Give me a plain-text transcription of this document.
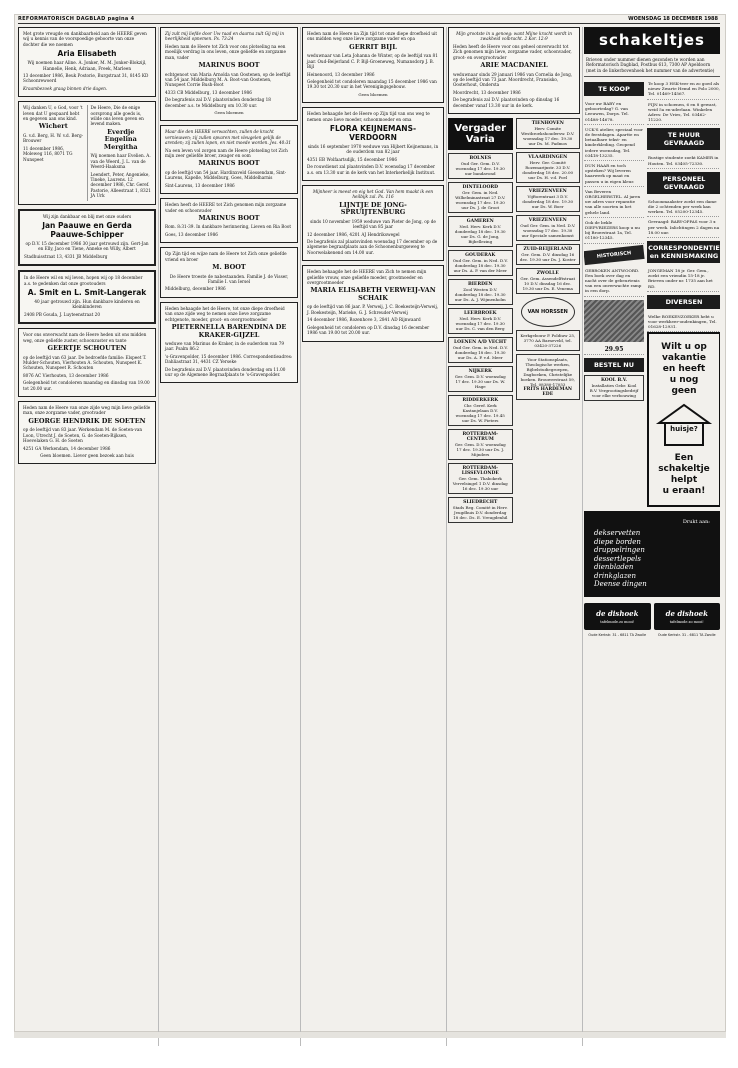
REFORMATORISCH DAGBLAD pagina 4	WOENSDAG 18 DECEMBER 1988

Met grote vreugde en dankbaarheid aan de HEERE geven wij u kennis van de voorspoedige geboorte van onze dochter die we noemen

Aria Elisabeth

Wij noemen haar Aline. A. Jonker, M. M. Jonker-Blokzijl, Hannelie, Henk, Adriaan, Freek, Marleen

13 december 1986, Beuk Postorie, Burgstraat 31, 8145 KD Schoonrewoerd

Kraambezoek graag binnen drie dagen.

Wij danken U, o God, voor 't leven dat U gespaard hebt en gegeven aan ons kind.

Wichert

G. v.d. Berg, H. W. v.d. Berg-Brouwer

11 december 1986, Moleweg 116, 8071 TG Nunspeet

De Heere, Die de enige oorsprong alle goeds is, wilde ons leven geven en levend maken.

Everdje Engelina Mergitha

Wij noemen haar Evelien. A. van de Weerd, J. L. van de Weerd-Haaksma

Leendert, Peter, Angenieke, Tineke, Laurens. 12 december 1986, Chr. Geref. Pastorie, Alleestraat 1, 8321 JA Urk

Wij zijn dankbaar en blij met onze ouders

Jan Paauwe en Gerda Paauwe-Schipper

op D.V. 15 december 1986 30 jaar getrouwd zijn. Gert-Jan en Elly, Jaco en Tiene, Anneke en Willy, Albert

Stadhuisstraat 13, 4331 JB Middelburg

In de Heere wil en wij leven, hopen wij op 18 december a.s. te gedenken dat onze grootouders

A. Smit en L. Smit-Langerak

40 jaar getrouwd zijn. Hun dankbare kinderen en kleinkinderen

2408 PB Gouda, J. Luyteenstraat 20

Voor ons onverwacht nam de Heere heden uit ons midden weg, onze geliefde zuster, schoonzuster en tante

GEERTJE SCHOUTEN

op de leeftijd van 63 jaar. De bedroefde familie: Elspeet T. Mulder-Schouten, Vierhouten A. Schouten, Nunspeet K. Schouten, Nunspeet R. Schouten

8076 AC Vierhouten, 13 december 1986

Gelegenheid tot condoleren maandag en dinsdag van 19.00 tot 20.00 uur.

Heden nam de Heere van onze zijde weg mijn lieve geliefde man, onze zorgzame vader, grootvader

GEORGE HENDRIK DE SOETEN

op de leeftijd van 83 jaar. Werkendam M. de Soeten-van Loon, Utrecht J. de Soeten, G. de Soeten-Rijksen, Hoevelaken G. H. de Soeten

4251 GA Werkendam, 14 december 1986

Geen bloemen. Liever geen bezoek aan huis

Zij zult mij liefde door Uw raad en daarna zult Gij mij in heerlijkheid opnemen. Ps. 73:24

Heden nam de Heere tot Zich voor ons plotseling na een moeilijk verdrag in ons leven, onze geliefde en zorgzame man, vader

MARINUS BOOT

echtgenoot van Maria Arnolda van Oostenen, op de leeftijd van 54 jaar. Middelburg M. A. Boot-van Oostenen, Nunspeet Corrie Bush-Boot

4333 CB Middelburg, 13 december 1986

De begrafenis zal D.V. plaatsvinden donderdag 18 december a.s. te Middelburg om 10.30 uur.

Geen bloemen

Maar die den HEERE verwachten, zullen de kracht vernieuwen; zij zullen opvaren met vleugelen gelijk de arenden; zij zullen lopen, en niet moede worden. Jes. 40:31

Na een leven vol zorgen nam de Heere plotseling tot Zich mijn zeer geliefde broer, zwager en oom

MARINUS BOOT

op de leeftijd van 54 jaar. Hardinxveld Giessendam, Sint-Laurens, Kapelle, Middelburg, Goes, Middelharnis

Sint-Laurens, 13 december 1986

Heden heeft de HEERE tot Zich genomen mijn zorgzame vader en schoonvader

MARINUS BOOT

Rom. 8:31-39. In dankbare herinnering, Lieven en Ria Boot

Goes, 13 december 1986

Op Zijn tijd en wijze nam de Heere tot Zich onze geliefde vriend en broer

M. BOOT

De Heere troeste de nabestaanden. Familie J. de Visser, Familie I. van Iersel

Middelburg, december 1986

Heden behaagde het de Heere, tot onze diepe droefheid van onze zijde weg te nemen onze lieve zorgzame echtgenote, moeder, groot- en overgrootmoeder

PIETERNELLA BARENDINA DE KRAKER-GIJZEL

weduwe van Marinus de Kraker, in de ouderdom van 79 jaar. Psalm 86:2

's-Gravenpolder, 15 december 1986. Correspondentieadres: Dahliastraat 31, 4431 CZ Yerseke

De begrafenis zal D.V. plaatsvinden donderdag om 11.00 uur op de Algemene Begraafplaats te 's-Gravenpolder.

Heden nam de Heere na Zijn tijd tot onze diepe droefheid uit ons midden weg onze lieve zorgzame vader en opa

GERRIT BIJL

weduwnaar van Leta Johanna de Winter, op de leeftijd van 81 jaar. Oud-Beijerland C. P. Bijl-Groeneweg, Numansdorp J. B. Bijl

Heinenoord, 13 december 1986

Gelegenheid tot condoleren maandag 15 december 1986 van 19.30 tot 20.30 uur in het Verenigingsgebouw.

Geen bloemen

Heden behaagde het de Heere op Zijn tijd van ons weg te nemen onze lieve moeder, schoonmoeder en oma

FLORA KEIJNEMANS-VERDOORN

sinds 16 september 1970 weduwe van Hijbert Keijnemans, in de ouderdom van 82 jaar

4351 EB Wolfaartsdijk, 15 december 1986

De rouwdienst zal plaatsvinden D.V. woensdag 17 december a.s. om 13.30 uur in de kerk van het Interkerkelijk Instituut.

Mijnheer is meest en eig het God. Van hem maakt ik een heilbijk zal. Ps. 116

LIJNTJE DE JONG-SPRUIJTENBURG

sinds 10 november 1959 weduwe van Pieter de Jong, op de leeftijd van 85 jaar

12 december 1986, 4201 AJ Hendrikswegel

De begrafenis zal plaatsvinden woensdag 17 december op de algemene begraafplaats aan de Schoonenburgseweg te Noorwelakenend om 14.00 uur.

Heden behaagde het de HEERE van Zich te nemen mijn geliefde vrouw, onze geliefde moeder, grootmoeder en overgrootmoeder

MARIA ELISABETH VERWEIJ-VAN SCHAIK

op de leeftijd van 86 jaar. P. Verweij, J. C. Boekesteijn-Verweij, J. Boekesteijn, Marieke, G. J. Schreuder-Verweij

14 december 1986, Rozenhove 3, 2841 AD Rijnwaard

Gelegenheid tot condoleren op D.V. dinsdag 16 december 1986 van 19.00 tot 20.00 uur.

Mijn grootste in u genoeg: want Mijne kracht wordt in zwakheid volbracht. 2 Kor. 12:9

Heden heeft de Heere voor ons geheel onverwacht tot Zich genomen mijn lieve, zorgzame vader, schoonvader, groot- en overgrootvader

ARIE MACDANIEL

weduwnaar sinds 29 januari 1986 van Cornelia de Jong, op de leeftijd van 73 jaar. Moordrecht, Fransisko, Oosterhout, Ondersta

Moordrecht, 13 december 1986

De begrafenis zal D.V. plaatsvinden op dinsdag 16 december vanaf 13.30 uur in de kerk.

Vergader Varia
BOLNES
Oud Ger. Gem. D.V. woensdag 17 dec. 19.30 uur bandavond
DINTELOORD
Ger. Gem. in Ned. Wilhelminastraat 27 D.V. woensdag 17 dec. 19.30 uur Ds. J. de Groot
GAMEREN
Ned. Herv. Kerk D.V. donderdag 18 dec. 19.30 uur Ds. G. de Jong, Bijbellezing
GOUDERAK
Oud Ger. Gem. in Ned. D.V. donderdag 18 dec. 19.30 uur Ds. A. P. van der Meer
BIERDEN
Zool Westen D.V. donderdag 18 dec. 19.30 uur Ds. A. J. Wijmenholm
LEERBROEK
Ned. Herv. Kerk D.V. woensdag 17 dec. 19.30 uur Ds. C. van den Berg
LOENEN A/D VECHT
Oud Ger. Gem. in Ned. D.V. donderdag 18 dec. 19.30 uur Ds. A. P. v.d. Meer
NIJKERK
Ger. Gem. D.V. woensdag 17 dec. 19.30 uur Ds. W. Hage
RIDDERKERK
Chr. Geref. Kerk Kastanjelaan D.V. woensdag 17 dec. 19.45 uur Ds. W. Pieters
ROTTERDAM-CENTRUM
Ger. Gem. D.V. woensdag 17 dec. 19.30 uur Ds. J. Mijnders
ROTTERDAM-LISSEVLONDE
Ger. Gem. Thabokerk Vervelsingel 1 D.V. dinsdag 16 dec. 19.30 uur
SLIEDRECHT
Stads Reg. Comité in Herv. Jeugdhuis D.V. donderdag 18 dec. Ds. E. Vreugdenhil
TIENHOVEN
Herv. Comite Westbroekshoudersw. D.V. woensdag 17 dec. 19.30 uur Ds. M. Padmos
VLAARDINGEN
Herv. Ger. Comité Rozemarijnstr. 33 D.V. donderdag 18 dec. 20.00 uur Ds. H. v.d. Poel
VRIEZENVEEN
Vijftorentraat 3 D.V. donderdag 18 dec. 19.30 uur Ds. W. Boer
VRIEZENVEEN
Oud Ger. Gem. in Ned. D.V. woensdag 17 dec. 19.30 uur Speciale samenkomst
ZUID-BEIJERLAND
Ger. Gem. D.V. dinsdag 16 dec. 19.30 uur Ds. J. Koster
ZWOLLE
Ger. Gem. Assendelftstraat 10 D.V. dinsdag 16 dec. 19.30 uur Ds. E. Venema
VAN HORSSEN
Kerkgebouw P. Poldiuw 25, 3770 AA Barneveld, tel. 03420-37226
Voor Stationsplaats, Theologische werken, Bijbelstudiegroepen, Dagboeken, Christelijke boeken. Brouwerstraat 59, Tel. 08380-17053
FRITS HARDEMAN EDE
schakeltjes
Brieven onder nummer dienen gezonden te worden aan Reformatorisch Dagblad, Postbus 613, 7300 AP Apeldoorn (met in de linkerbovenhoek het nummer van de advertentie)
TE KOOP
Voor uw BABY en geboortedag? G. van Leeuwen, Dorps. Tel. 01488-14678.
UCK'S atelier, speciaal voor de feestdagen. Apartte en betaalbare tekst- en kinderkleding. Geopend iedere woensdag, Tel. 03418-13235.
DUN HAAR en toch opsteken? Wij leveren haarwerk op maat en passen u in eigen kleur.
Van Beveren ORGELHERSTEL. Al jaren uw adres voor reparatie van alle soorten in het gehele land.
Ook de bekle DIEPVRIEZERS koop u nu bij Broerstraat 1a, Tel. 01180-12345.
HISTORISCH
GEBROKEN ANTWOORD. Een boek over dag en nacht over de gebeurtenis van een onverwachte ramp in een dorp.
29.95
BESTEL NU
KOOL B.V.
Installaties Gebr. Kool B.V. Vergrootingsbedrijf voor elke verbouwing
Te koop 3 HSK-teer en zo goed als nieuw Zwarte Hemd en Polo 2000, Tel. 01469-14567.
FIJN in schoenen, 6 en 8 gewast, weid 5a en-aderlaan. Winkelen Adres: De Vries, Tel. 03462-11220.
TE HUUR GEVRAAGD
Rustige studente zoekt KAMER in Houten. Tel. 03405-72330.
PERSONEEL GEVRAAGD
Schoonmaakster zoekt een dame die 2 ochtenden per week kan werken. Tel. 05200-12345.
Gevraagd: BABY-OPPAS voor 3 x per week. Inlichtingen 2 dagen na 18.00 uur.
CORRESPONDENTIE en KENNISMAKING
JONGEMAN 18 jr. Ger. Gem., zoekt een vriendin 15-18 jr. Brieven onder nr. 1735 aan het RD.
DIVERSEN
Welke BOEKENZOEKER hebt u voor werkheer-ondenkingen, Tel. 01628-12931.
Wilt u op
vakantie
en heeft
u nog
geen
huisje?
Een
schakeltje
helpt
u eraan!
Drukt aan:
dekservetten
diepe borden
druppelringen
dessertlepels
dienbladen
drinkglazen
Deense dingen
de dishoek
tafelmode.zo mooi!
de dishoek
tafelmode.zo mooi!
Oude Kerkstr. 31 - 6811 TA Zwolle	Oude Kerkstr. 31 - 6811 TA Zwolle
